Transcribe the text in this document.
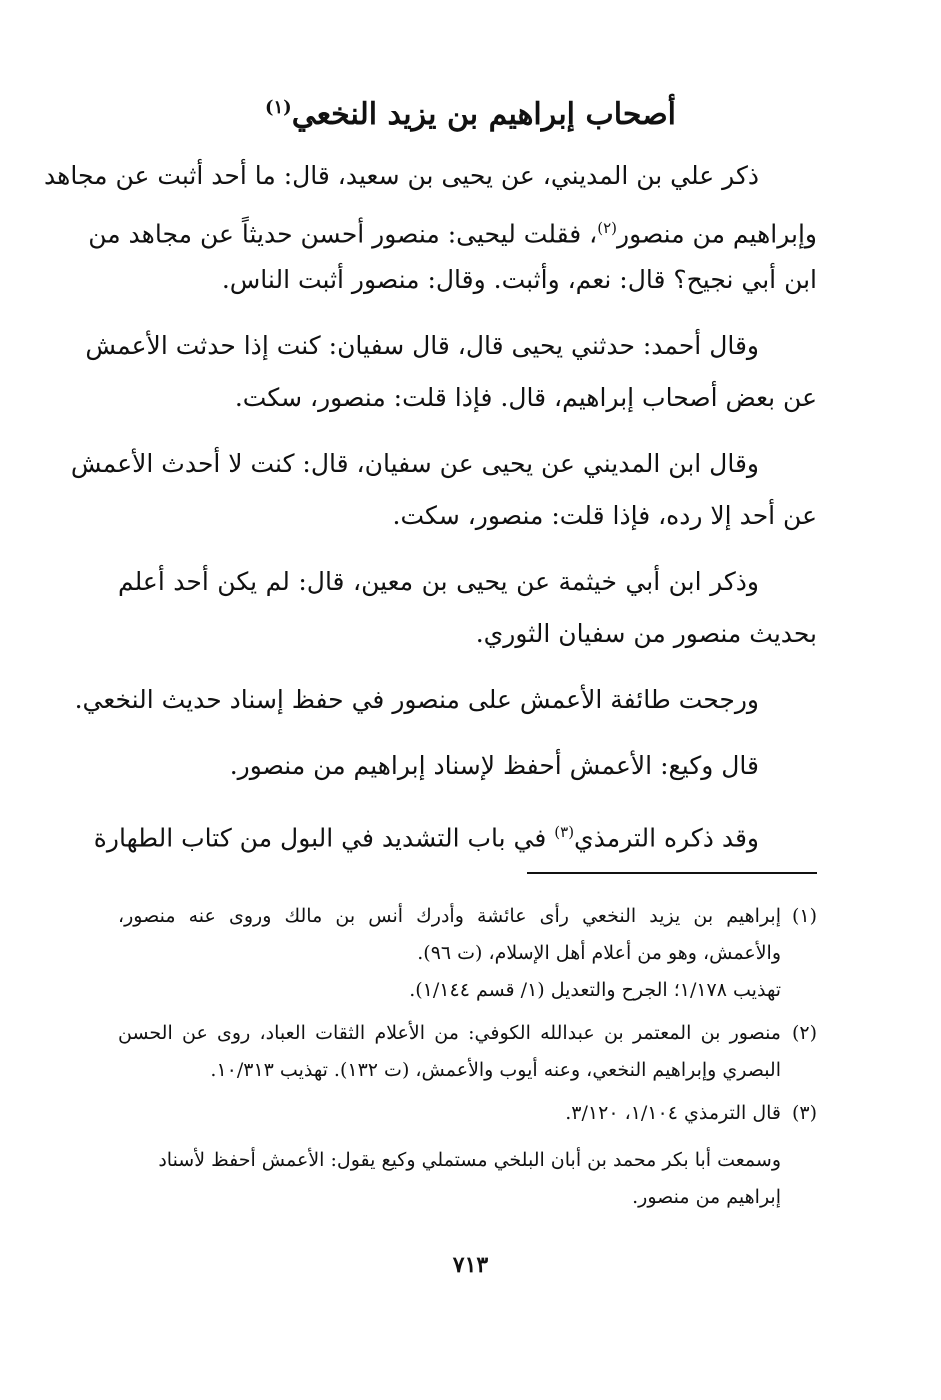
أصحاب إبراهيم بن يزيد النخعي$^{(١)}$
ذكر علي بن المديني، عن يحيى بن سعيد، قال: ما أحد أثبت عن مجاهد
وإبراهيم من منصور$^{(٢)}$، فقلت ليحيى: منصور أحسن حديثاً عن مجاهد من
ابن أبي نجيح؟ قال: نعم، وأثبت. وقال: منصور أثبت الناس.
وقال أحمد: حدثني يحيى قال، قال سفيان: كنت إذا حدثت الأعمش
عن بعض أصحاب إبراهيم، قال. فإذا قلت: منصور، سكت.
وقال ابن المديني عن يحيى عن سفيان، قال: كنت لا أحدث الأعمش
عن أحد إلا رده، فإذا قلت: منصور، سكت.
وذكر ابن أبي خيثمة عن يحيى بن معين، قال: لم يكن أحد أعلم
بحديث منصور من سفيان الثوري.
ورجحت طائفة الأعمش على منصور في حفظ إسناد حديث النخعي.
قال وكيع: الأعمش أحفظ لإسناد إبراهيم من منصور.
وقد ذكره الترمذي$^{(٣)}$ في باب التشديد في البول من كتاب الطهارة
(١)
إبراهيم بن يزيد النخعي رأى عائشة وأدرك أنس بن مالك وروى عنه منصور،
والأعمش، وهو من أعلام أهل الإسلام، (ت ٩٦).
تهذيب ١/١٧٨؛ الجرح والتعديل (١/ قسم ١/١٤٤).
(٢)
منصور بن المعتمر بن عبدالله الكوفي: من الأعلام الثقات العباد، روى عن الحسن
البصري وإبراهيم النخعي، وعنه أيوب والأعمش، (ت ١٣٢). تهذيب ١٠/٣١٣.
(٣)
قال الترمذي ١/١٠٤، ٣/١٢٠.
وسمعت أبا بكر محمد بن أبان البلخي مستملي وكيع يقول: الأعمش أحفظ لأسناد إبراهيم من منصور.
٧١٣
